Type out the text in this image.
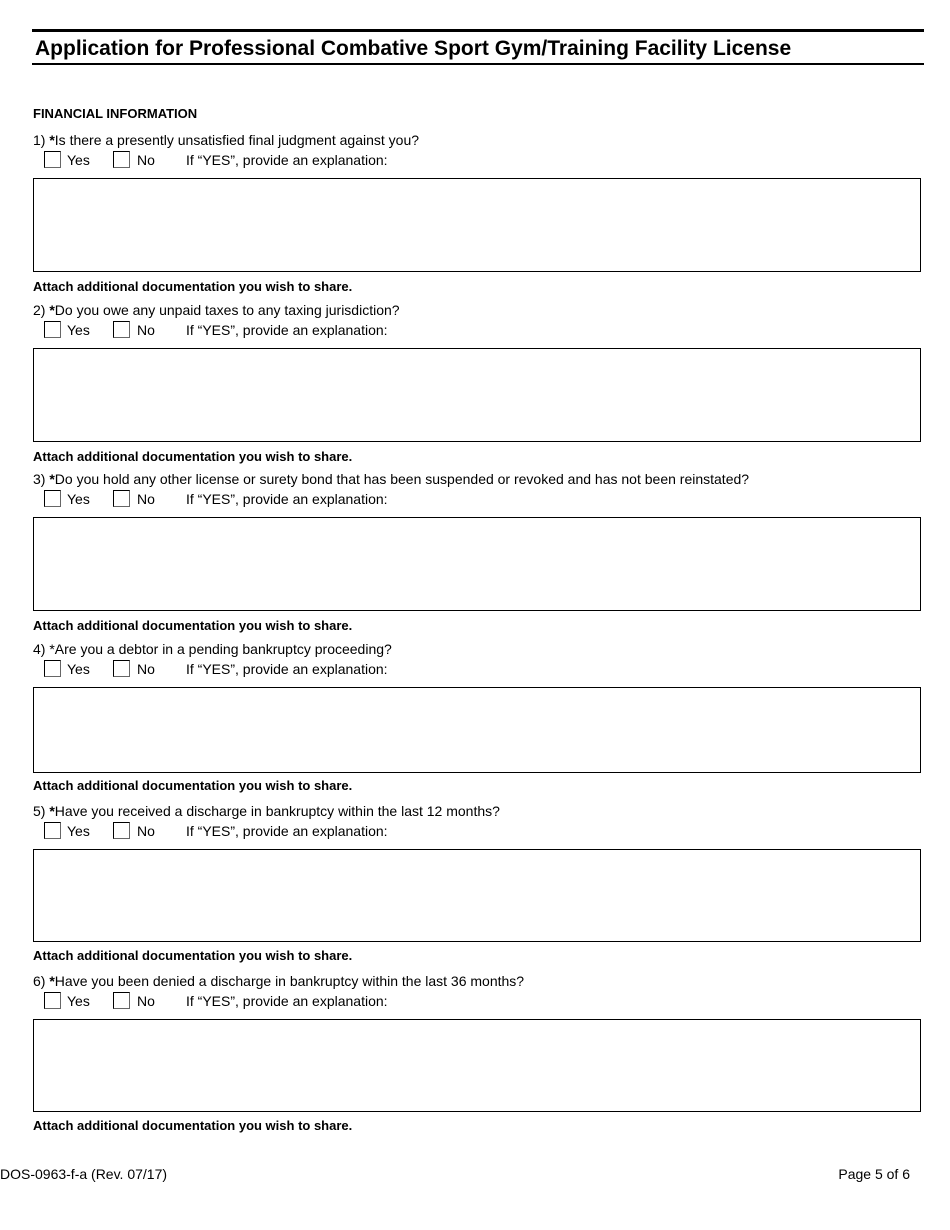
Application for Professional Combative Sport Gym/Training Facility License
FINANCIAL INFORMATION
1) *Is there a presently unsatisfied final judgment against you?
Yes	No If “YES”, provide an explanation:
Attach additional documentation you wish to share.
2) *Do you owe any unpaid taxes to any taxing jurisdiction?
Yes	No If “YES”, provide an explanation:
Attach additional documentation you wish to share.
3) *Do you hold any other license or surety bond that has been suspended or revoked and has not been reinstated?
Yes	No If “YES”, provide an explanation:
Attach additional documentation you wish to share.
4) *Are you a debtor in a pending bankruptcy proceeding?
Yes	No If “YES”, provide an explanation:
Attach additional documentation you wish to share.
5) *Have you received a discharge in bankruptcy within the last 12 months?
Yes	No If “YES”, provide an explanation:
Attach additional documentation you wish to share.
6) *Have you been denied a discharge in bankruptcy within the last 36 months?
Yes	No If “YES”, provide an explanation:
Attach additional documentation you wish to share.
DOS-0963-f-a (Rev. 07/17)	Page 5 of 6
